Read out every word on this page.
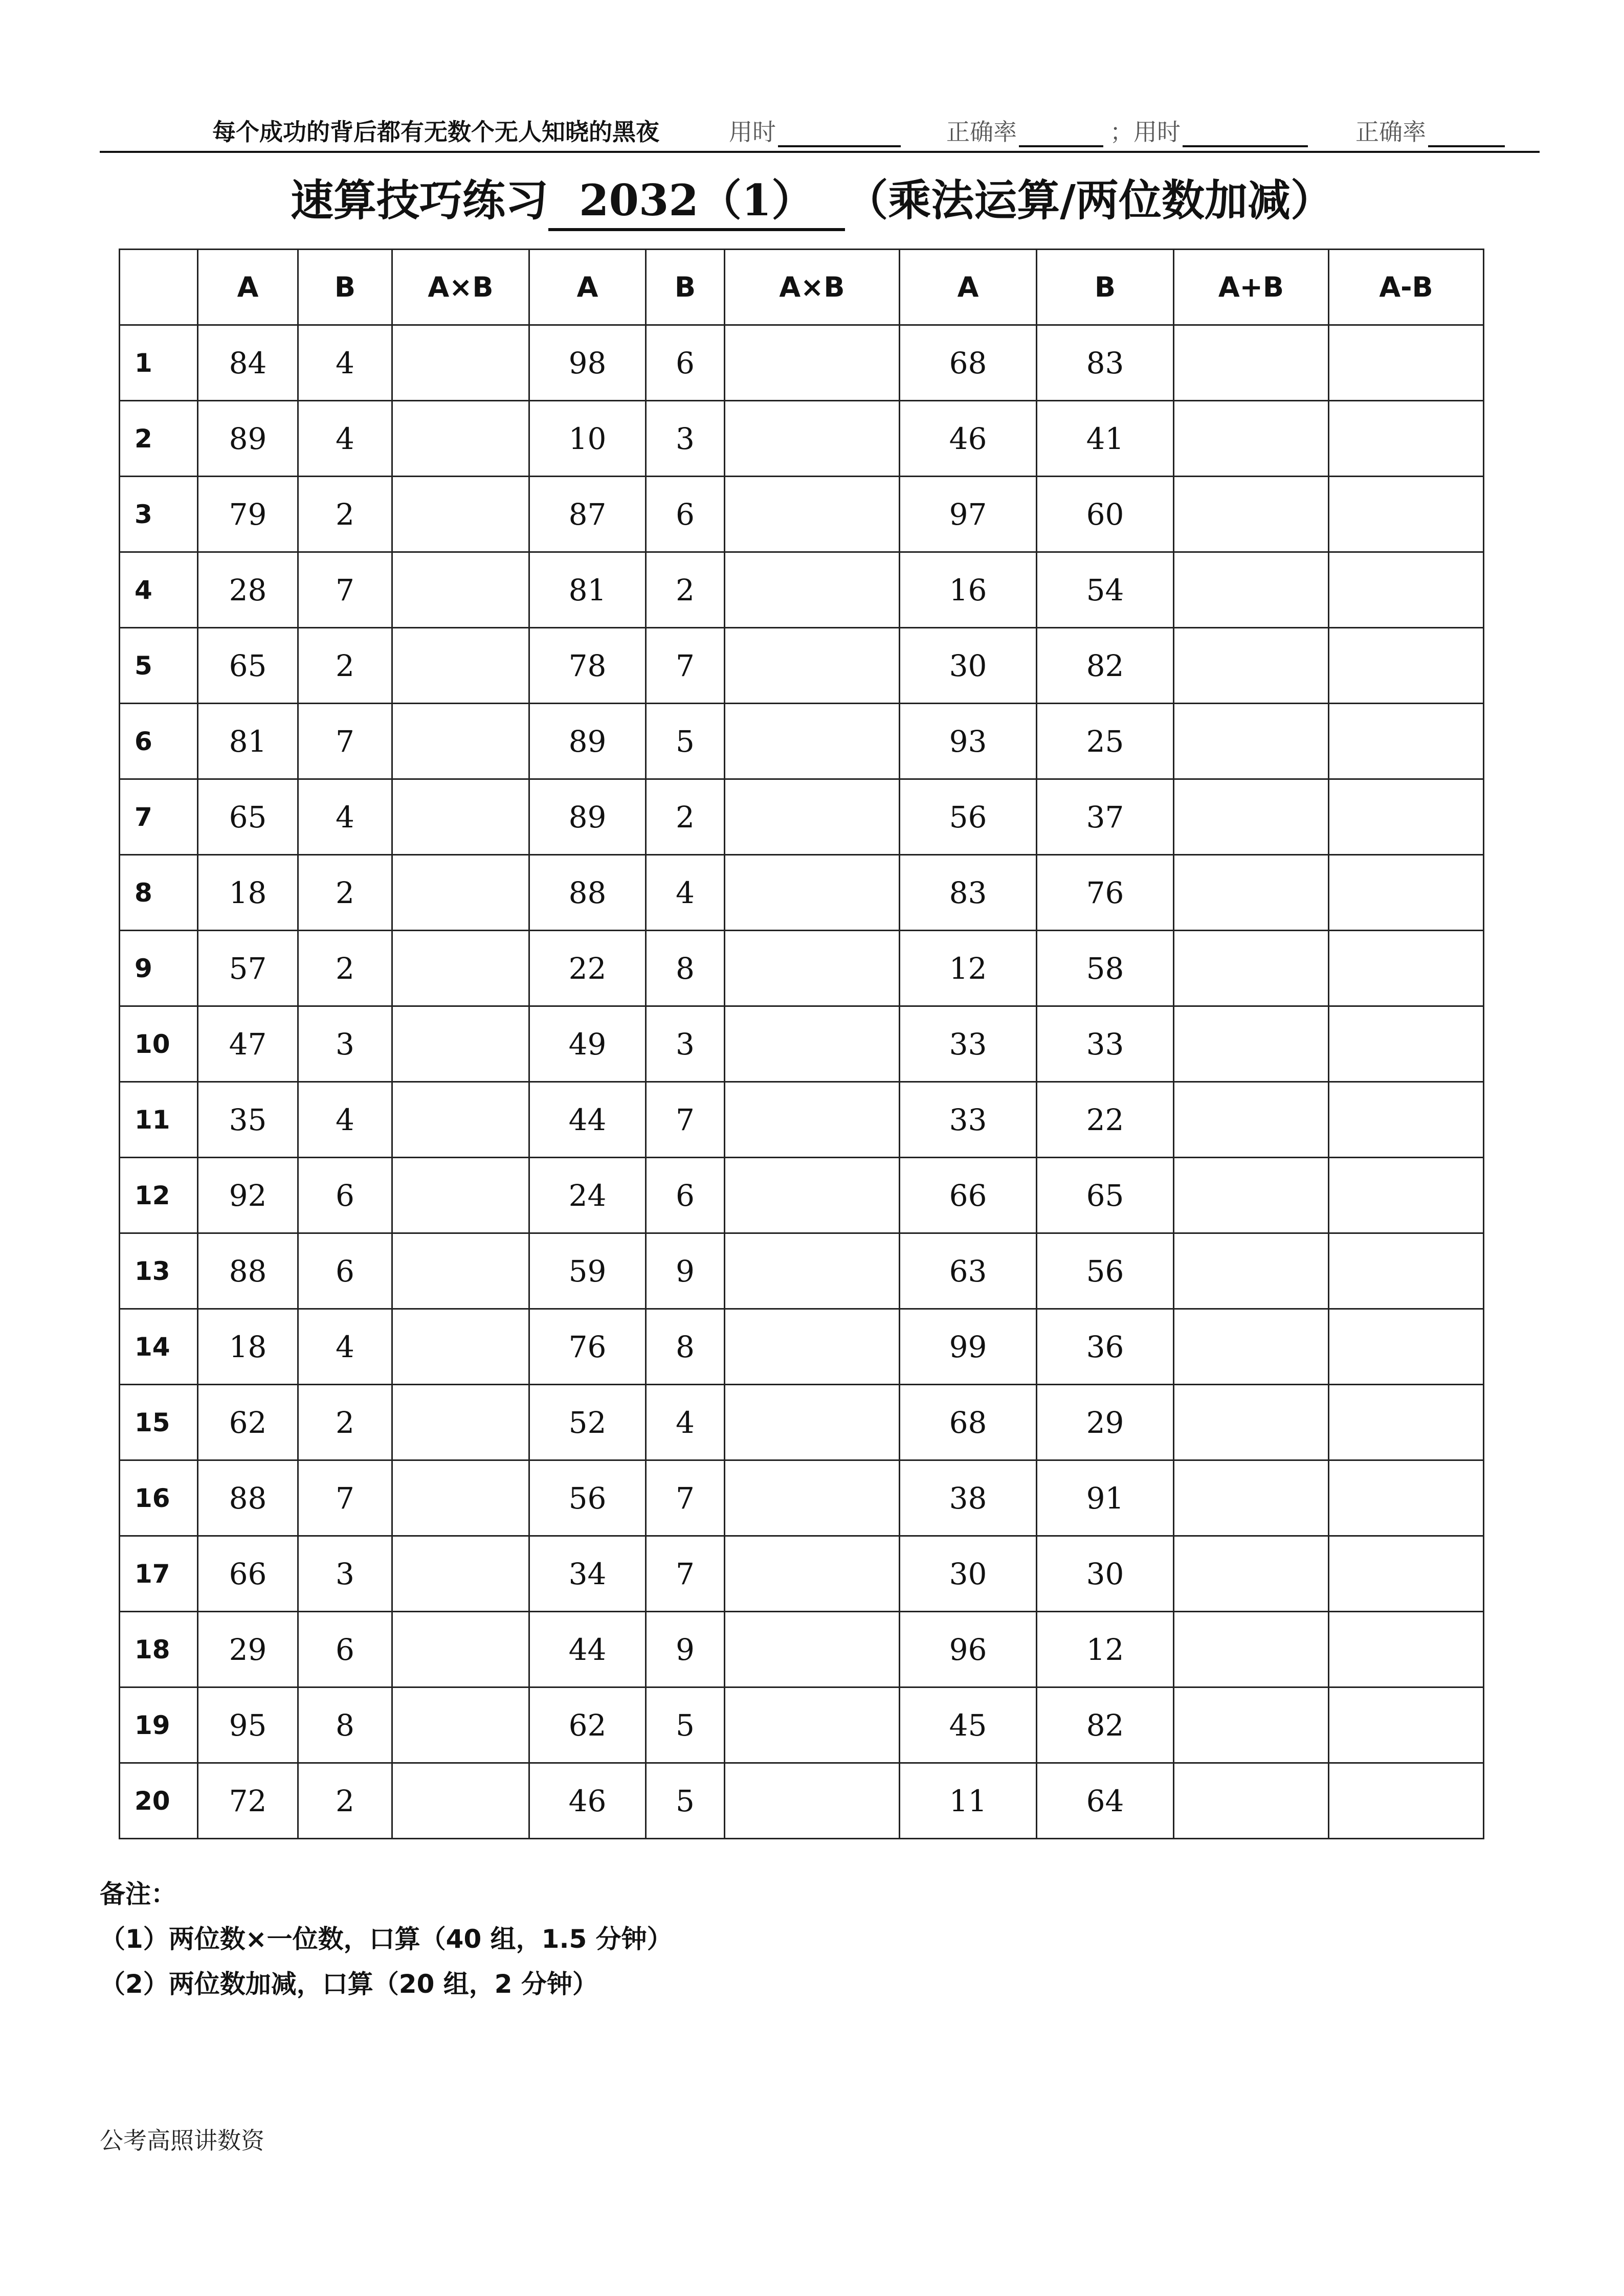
每个成功的背后都有无数个无人知晓的黑夜	用时	正确率	；用时	正确率
速算技巧练习 2032（1） （乘法运算/两位数加减）
	A	B	A×B	A	B	A×B	A	B	A+B	A-B
1	84	4		98	6		68	83		
2	89	4		10	3		46	41		
3	79	2		87	6		97	60		
4	28	7		81	2		16	54		
5	65	2		78	7		30	82		
6	81	7		89	5		93	25		
7	65	4		89	2		56	37		
8	18	2		88	4		83	76		
9	57	2		22	8		12	58		
10	47	3		49	3		33	33		
11	35	4		44	7		33	22		
12	92	6		24	6		66	65		
13	88	6		59	9		63	56		
14	18	4		76	8		99	36		
15	62	2		52	4		68	29		
16	88	7		56	7		38	91		
17	66	3		34	7		30	30		
18	29	6		44	9		96	12		
19	95	8		62	5		45	82		
20	72	2		46	5		11	64		
备注：
（1）两位数×一位数，口算（40 组，1.5 分钟）
（2）两位数加减，口算（20 组，2 分钟）
公考高照讲数资
